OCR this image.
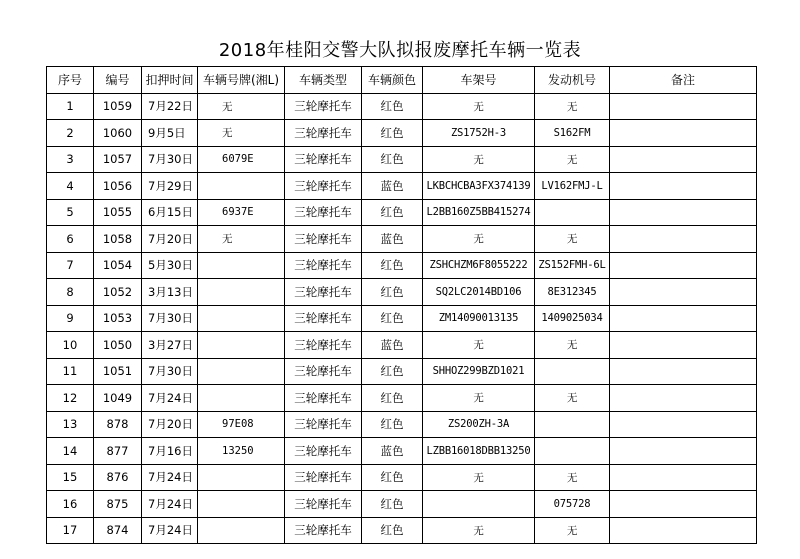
2018年桂阳交警大队拟报废摩托车辆一览表
序号	编号	扣押时间	车辆号牌(湘L)	车辆类型	车辆颜色	车架号	发动机号	备注
1	1059	7月22日	无	三轮摩托车	红色	无	无	
2	1060	9月5日	无	三轮摩托车	红色	ZS1752H-3	S162FM	
3	1057	7月30日	6079E	三轮摩托车	红色	无	无	
4	1056	7月29日		三轮摩托车	蓝色	LKBCHCBA3FX374139	LV162FMJ-L	
5	1055	6月15日	6937E	三轮摩托车	红色	L2BB160Z5BB415274		
6	1058	7月20日	无	三轮摩托车	蓝色	无	无	
7	1054	5月30日		三轮摩托车	红色	ZSHCHZM6F8055222	ZS152FMH-6L	
8	1052	3月13日		三轮摩托车	红色	SQ2LC2014BD106	8E312345	
9	1053	7月30日		三轮摩托车	红色	ZM14090013135	1409025034	
10	1050	3月27日		三轮摩托车	蓝色	无	无	
11	1051	7月30日		三轮摩托车	红色	SHHOZ299BZD1021		
12	1049	7月24日		三轮摩托车	红色	无	无	
13	878	7月20日	97E08	三轮摩托车	红色	ZS200ZH-3A		
14	877	7月16日	13250	三轮摩托车	蓝色	LZBB16018DBB13250		
15	876	7月24日		三轮摩托车	红色	无	无	
16	875	7月24日		三轮摩托车	红色		075728	
17	874	7月24日		三轮摩托车	红色	无	无	
